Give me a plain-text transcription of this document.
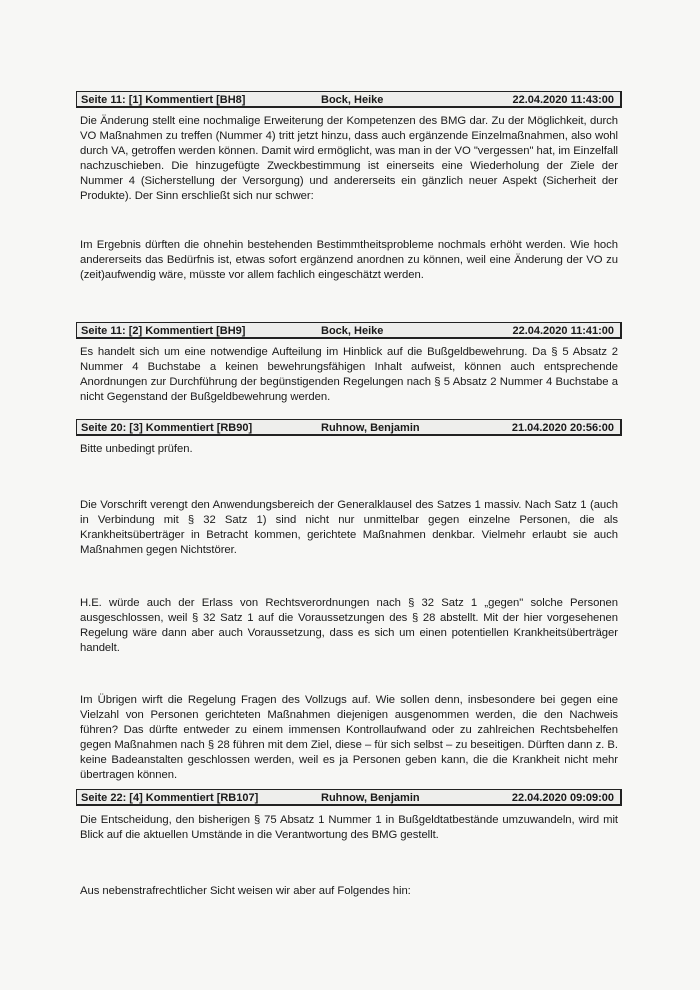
Seite 11: [1] Kommentiert [BH8]	Bock, Heike	22.04.2020 11:43:00
Die Änderung stellt eine nochmalige Erweiterung der Kompetenzen des BMG dar. Zu der Möglichkeit, durch VO Maßnahmen zu treffen (Nummer 4) tritt jetzt hinzu, dass auch ergänzende Einzelmaßnahmen, also wohl durch VA, getroffen werden können. Damit wird ermöglicht, was man in der VO "vergessen" hat, im Einzelfall nachzuschieben. Die hinzugefügte Zweckbestimmung ist einerseits eine Wiederholung der Ziele der Nummer 4 (Sicherstellung der Versorgung) und andererseits ein gänzlich neuer Aspekt (Sicherheit der Produkte). Der Sinn erschließt sich nur schwer:
Im Ergebnis dürften die ohnehin bestehenden Bestimmtheitsprobleme nochmals erhöht werden. Wie hoch andererseits das Bedürfnis ist, etwas sofort ergänzend anordnen zu können, weil eine Änderung der VO zu (zeit)aufwendig wäre, müsste vor allem fachlich eingeschätzt werden.
Seite 11: [2] Kommentiert [BH9]	Bock, Heike	22.04.2020 11:41:00
Es handelt sich um eine notwendige Aufteilung im Hinblick auf die Bußgeldbewehrung. Da § 5 Absatz 2 Nummer 4 Buchstabe a keinen bewehrungsfähigen Inhalt aufweist, können auch entsprechende Anordnungen zur Durchführung der begünstigenden Regelungen nach § 5 Absatz 2 Nummer 4 Buchstabe a nicht Gegenstand der Bußgeldbewehrung werden.
Seite 20: [3] Kommentiert [RB90]	Ruhnow, Benjamin	21.04.2020 20:56:00
Bitte unbedingt prüfen.
Die Vorschrift verengt den Anwendungsbereich der Generalklausel des Satzes 1 massiv. Nach Satz 1 (auch in Verbindung mit § 32 Satz 1) sind nicht nur unmittelbar gegen einzelne Personen, die als Krankheitsüberträger in Betracht kommen, gerichtete Maßnahmen denkbar. Vielmehr erlaubt sie auch Maßnahmen gegen Nichtstörer.
H.E. würde auch der Erlass von Rechtsverordnungen nach § 32 Satz 1 „gegen" solche Personen ausgeschlossen, weil § 32 Satz 1 auf die Voraussetzungen des § 28 abstellt. Mit der hier vorgesehenen Regelung wäre dann aber auch Voraussetzung, dass es sich um einen potentiellen Krankheitsüberträger handelt.
Im Übrigen wirft die Regelung Fragen des Vollzugs auf. Wie sollen denn, insbesondere bei gegen eine Vielzahl von Personen gerichteten Maßnahmen diejenigen ausgenommen werden, die den Nachweis führen? Das dürfte entweder zu einem immensen Kontrollaufwand oder zu zahlreichen Rechtsbehelfen gegen Maßnahmen nach § 28 führen mit dem Ziel, diese – für sich selbst – zu beseitigen. Dürften dann z. B. keine Badeanstalten geschlossen werden, weil es ja Personen geben kann, die die Krankheit nicht mehr übertragen können.
Seite 22: [4] Kommentiert [RB107]	Ruhnow, Benjamin	22.04.2020 09:09:00
Die Entscheidung, den bisherigen § 75 Absatz 1 Nummer 1 in Bußgeldtatbestände umzuwandeln, wird mit Blick auf die aktuellen Umstände in die Verantwortung des BMG gestellt.
Aus nebenstrafrechtlicher Sicht weisen wir aber auf Folgendes hin:
